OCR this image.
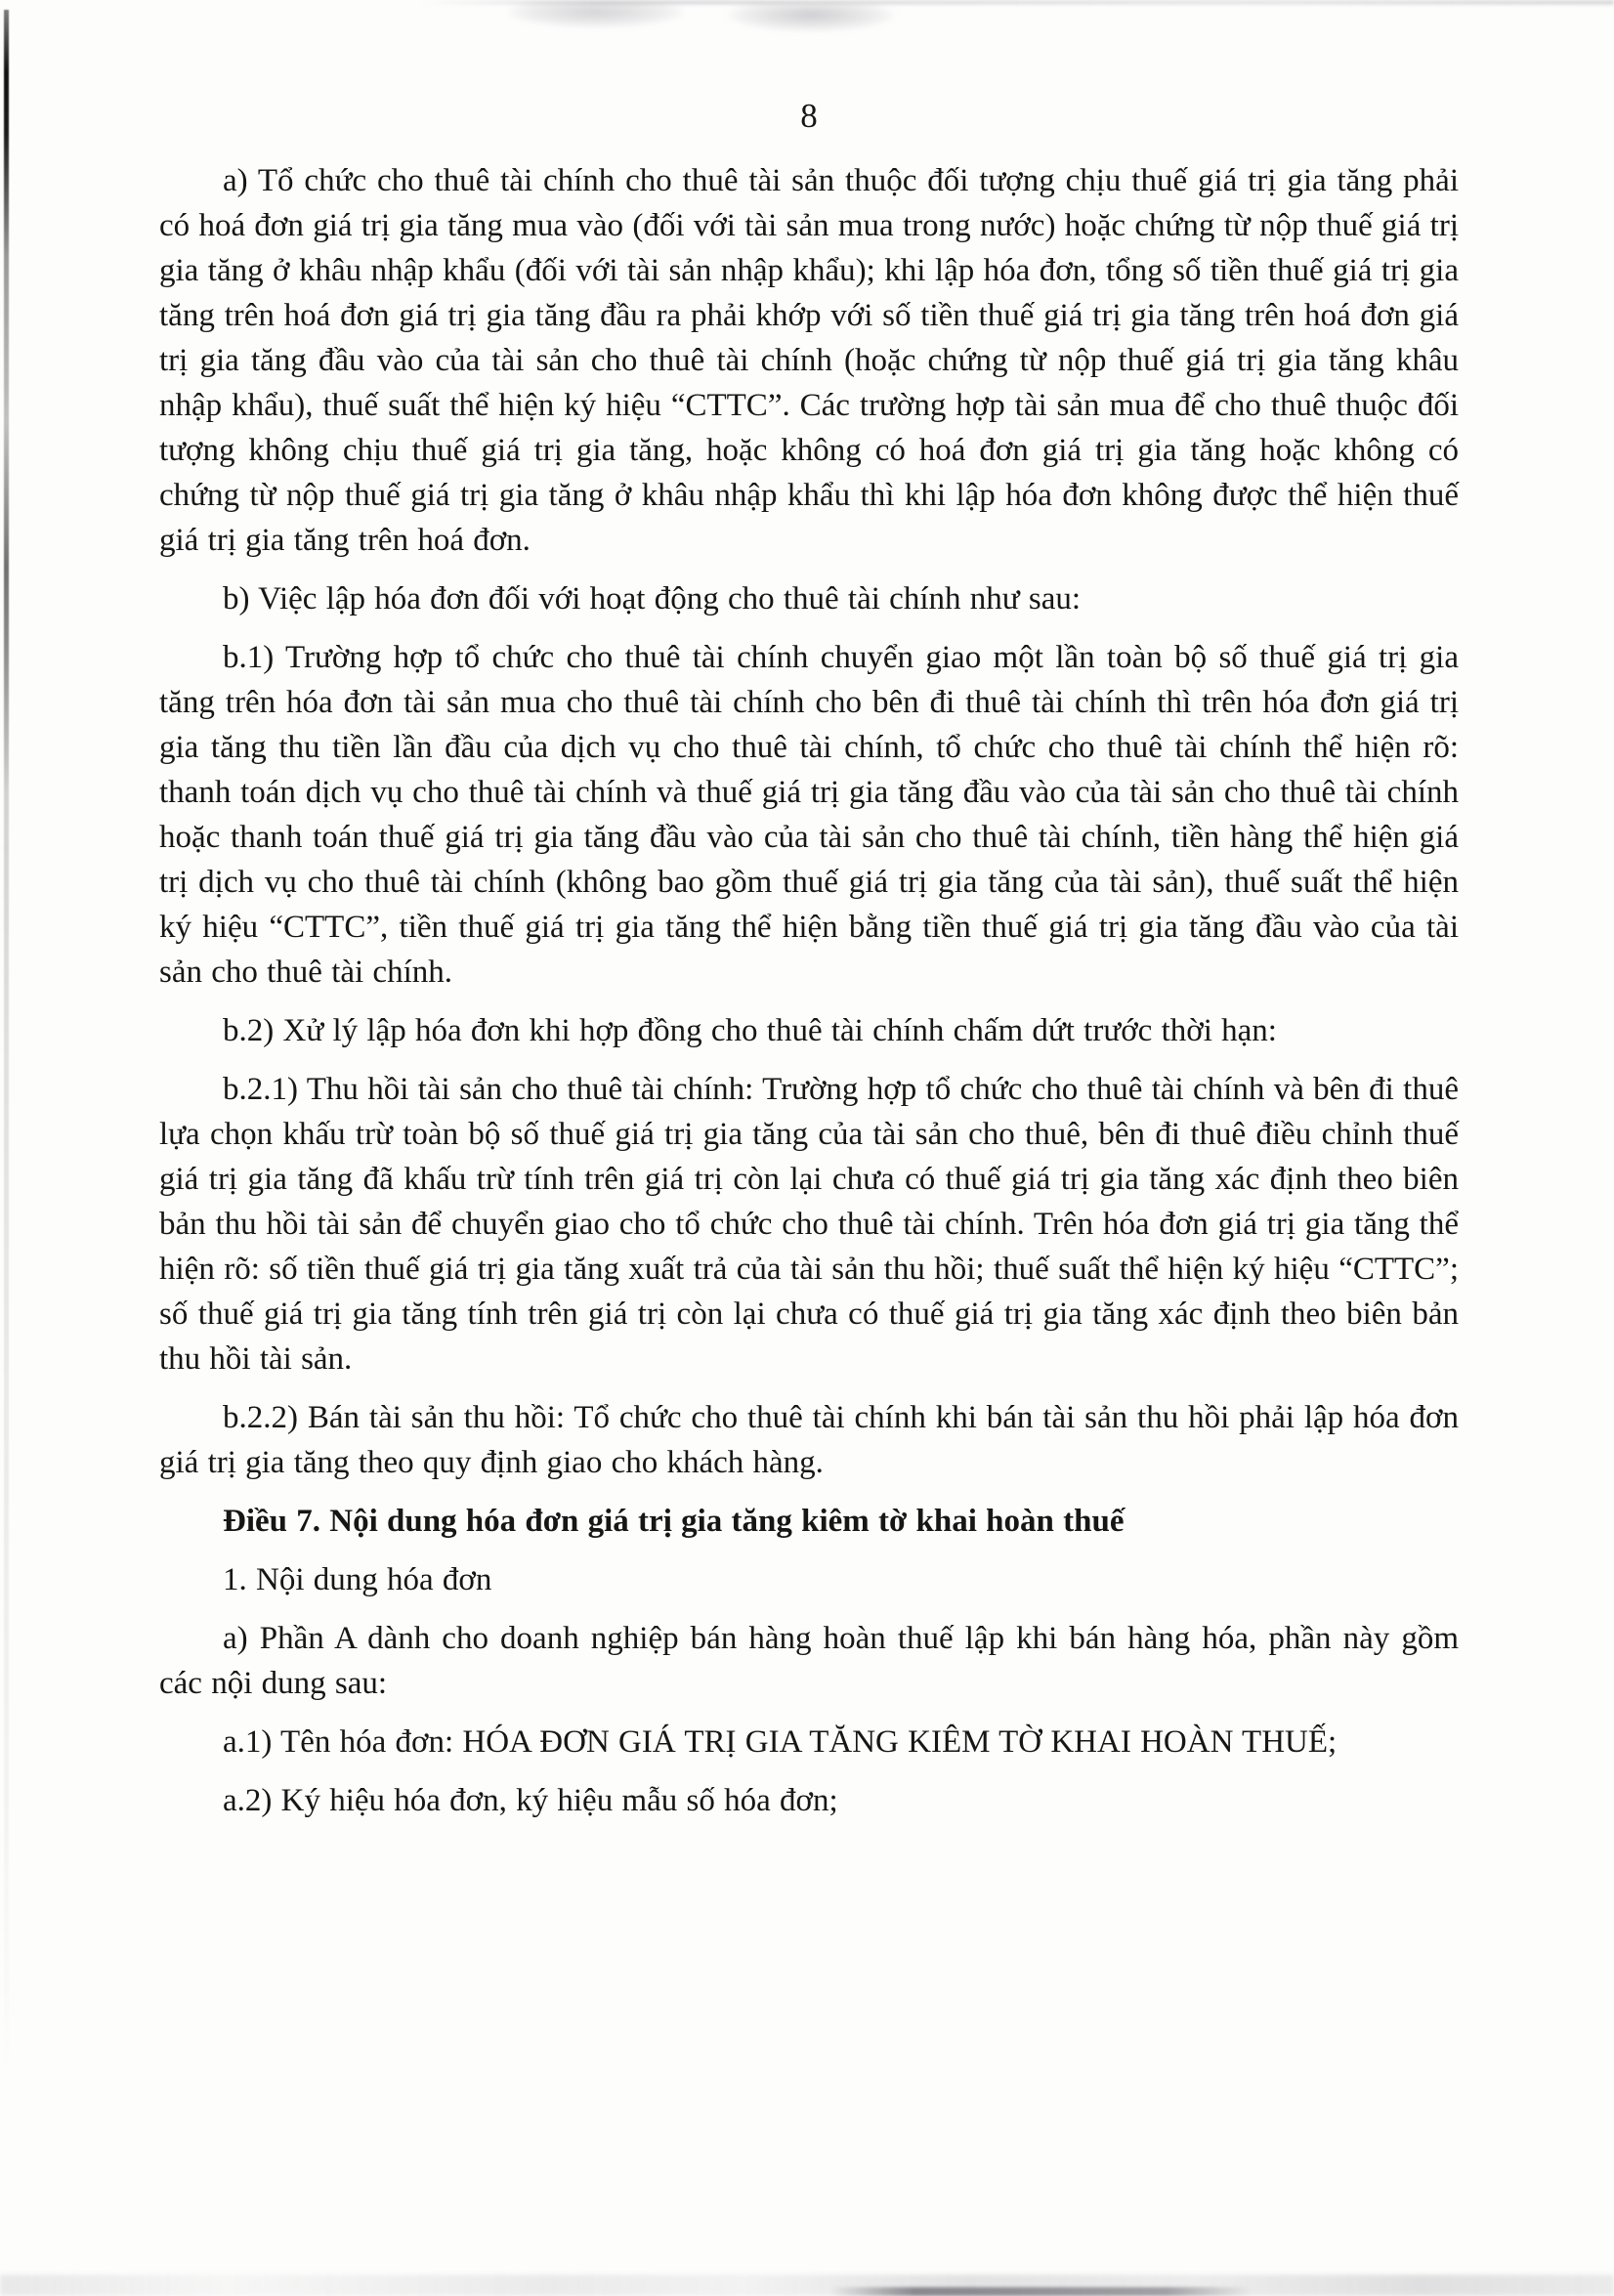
8

a) Tổ chức cho thuê tài chính cho thuê tài sản thuộc đối tượng chịu thuế giá trị gia tăng phải có hoá đơn giá trị gia tăng mua vào (đối với tài sản mua trong nước) hoặc chứng từ nộp thuế giá trị gia tăng ở khâu nhập khẩu (đối với tài sản nhập khẩu); khi lập hóa đơn, tổng số tiền thuế giá trị gia tăng trên hoá đơn giá trị gia tăng đầu ra phải khớp với số tiền thuế giá trị gia tăng trên hoá đơn giá trị gia tăng đầu vào của tài sản cho thuê tài chính (hoặc chứng từ nộp thuế giá trị gia tăng khâu nhập khẩu), thuế suất thể hiện ký hiệu “CTTC”. Các trường hợp tài sản mua để cho thuê thuộc đối tượng không chịu thuế giá trị gia tăng, hoặc không có hoá đơn giá trị gia tăng hoặc không có chứng từ nộp thuế giá trị gia tăng ở khâu nhập khẩu thì khi lập hóa đơn không được thể hiện thuế giá trị gia tăng trên hoá đơn.

b) Việc lập hóa đơn đối với hoạt động cho thuê tài chính như sau:

b.1) Trường hợp tổ chức cho thuê tài chính chuyển giao một lần toàn bộ số thuế giá trị gia tăng trên hóa đơn tài sản mua cho thuê tài chính cho bên đi thuê tài chính thì trên hóa đơn giá trị gia tăng thu tiền lần đầu của dịch vụ cho thuê tài chính, tổ chức cho thuê tài chính thể hiện rõ: thanh toán dịch vụ cho thuê tài chính và thuế giá trị gia tăng đầu vào của tài sản cho thuê tài chính hoặc thanh toán thuế giá trị gia tăng đầu vào của tài sản cho thuê tài chính, tiền hàng thể hiện giá trị dịch vụ cho thuê tài chính (không bao gồm thuế giá trị gia tăng của tài sản), thuế suất thể hiện ký hiệu “CTTC”, tiền thuế giá trị gia tăng thể hiện bằng tiền thuế giá trị gia tăng đầu vào của tài sản cho thuê tài chính.

b.2) Xử lý lập hóa đơn khi hợp đồng cho thuê tài chính chấm dứt trước thời hạn:

b.2.1) Thu hồi tài sản cho thuê tài chính: Trường hợp tổ chức cho thuê tài chính và bên đi thuê lựa chọn khấu trừ toàn bộ số thuế giá trị gia tăng của tài sản cho thuê, bên đi thuê điều chỉnh thuế giá trị gia tăng đã khấu trừ tính trên giá trị còn lại chưa có thuế giá trị gia tăng xác định theo biên bản thu hồi tài sản để chuyển giao cho tổ chức cho thuê tài chính. Trên hóa đơn giá trị gia tăng thể hiện rõ: số tiền thuế giá trị gia tăng xuất trả của tài sản thu hồi; thuế suất thể hiện ký hiệu “CTTC”; số thuế giá trị gia tăng tính trên giá trị còn lại chưa có thuế giá trị gia tăng xác định theo biên bản thu hồi tài sản.

b.2.2) Bán tài sản thu hồi: Tổ chức cho thuê tài chính khi bán tài sản thu hồi phải lập hóa đơn giá trị gia tăng theo quy định giao cho khách hàng.

Điều 7. Nội dung hóa đơn giá trị gia tăng kiêm tờ khai hoàn thuế

1. Nội dung hóa đơn

a) Phần A dành cho doanh nghiệp bán hàng hoàn thuế lập khi bán hàng hóa, phần này gồm các nội dung sau:

a.1) Tên hóa đơn: HÓA ĐƠN GIÁ TRỊ GIA TĂNG KIÊM TỜ KHAI HOÀN THUẾ;

a.2) Ký hiệu hóa đơn, ký hiệu mẫu số hóa đơn;
